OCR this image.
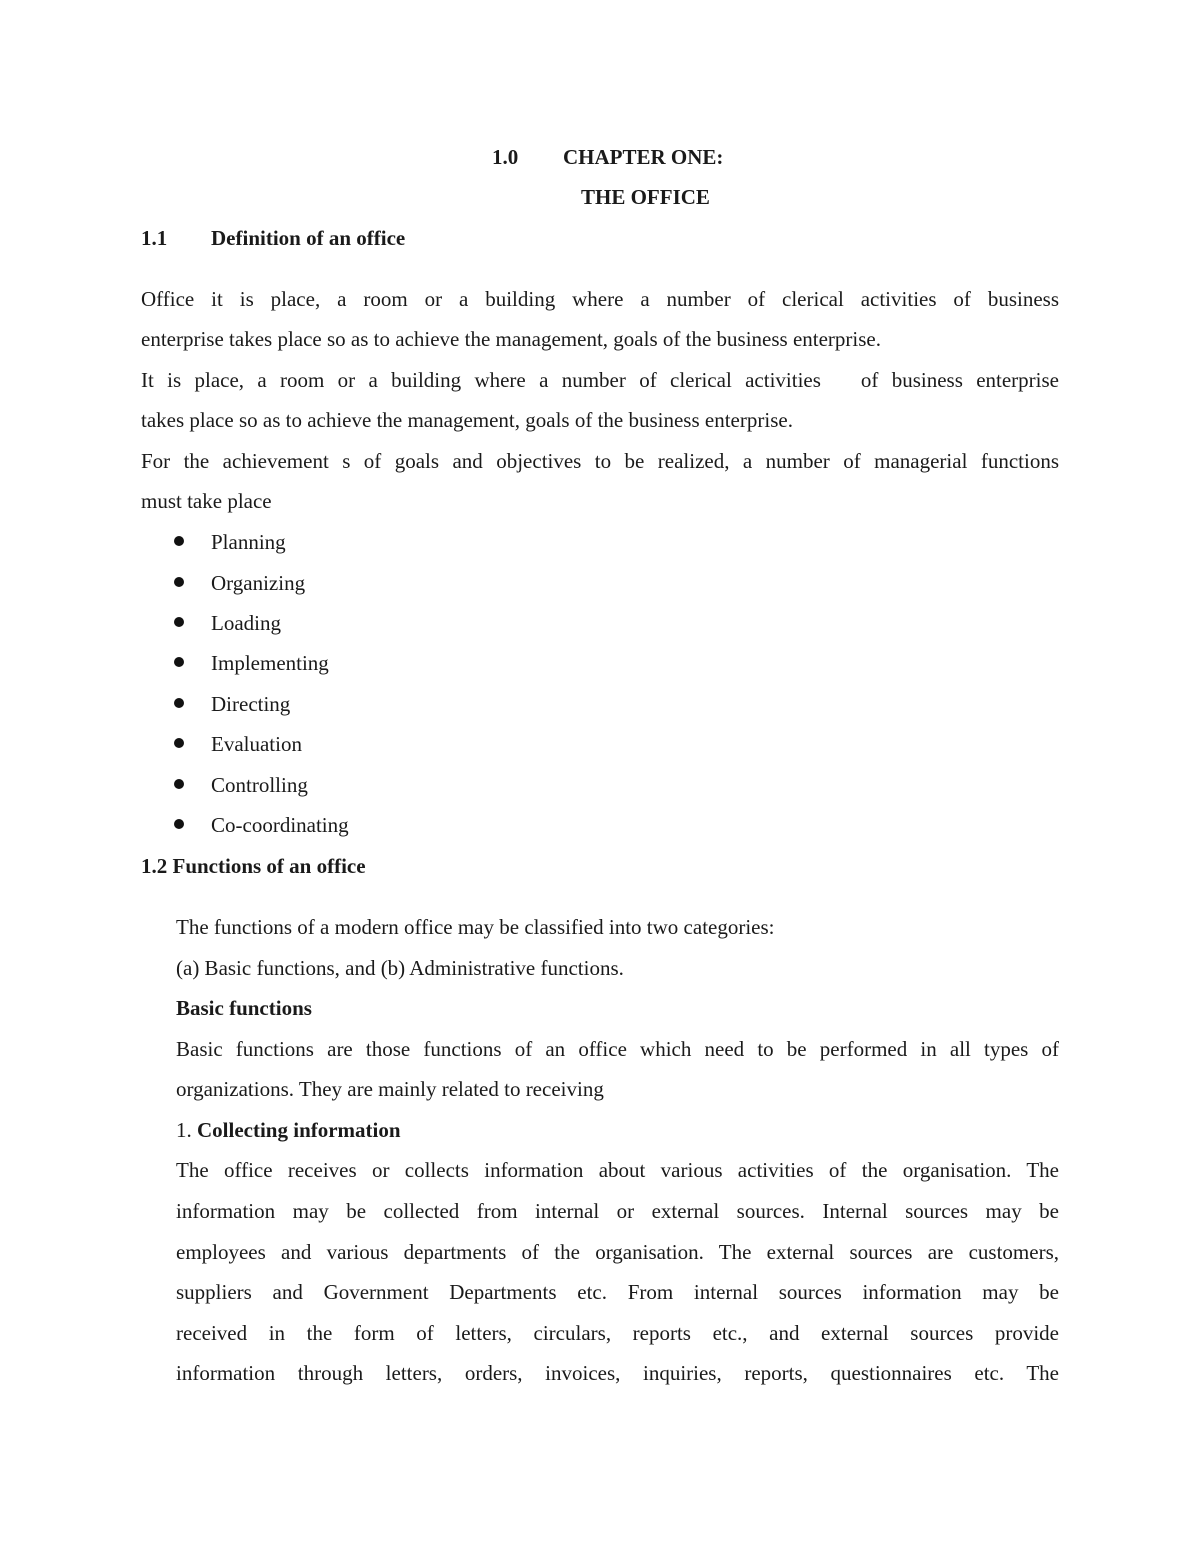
1.0 CHAPTER ONE:
THE OFFICE
1.1 Definition of an office
Office it is place, a room or a building where a number of clerical activities of business
enterprise takes place so as to achieve the management, goals of the business enterprise.
It is place, a room or a building where a number of clerical activities   of business enterprise
takes place so as to achieve the management, goals of the business enterprise.
For the achievement s of goals and objectives to be realized, a number of managerial functions
must take place
Planning
Organizing
Loading
Implementing
Directing
Evaluation
Controlling
Co-coordinating
1.2 Functions of an office
The functions of a modern office may be classified into two categories:
(a) Basic functions, and (b) Administrative functions.
Basic functions
Basic functions are those functions of an office which need to be performed in all types of
organizations. They are mainly related to receiving
1. Collecting information
The office receives or collects information about various activities of the organisation. The
information may be collected from internal or external sources. Internal sources may be
employees and various departments of the organisation. The external sources are customers,
suppliers and Government Departments etc. From internal sources information may be
received in the form of letters, circulars, reports etc., and external sources provide
information through letters, orders, invoices, inquiries, reports, questionnaires etc. The
